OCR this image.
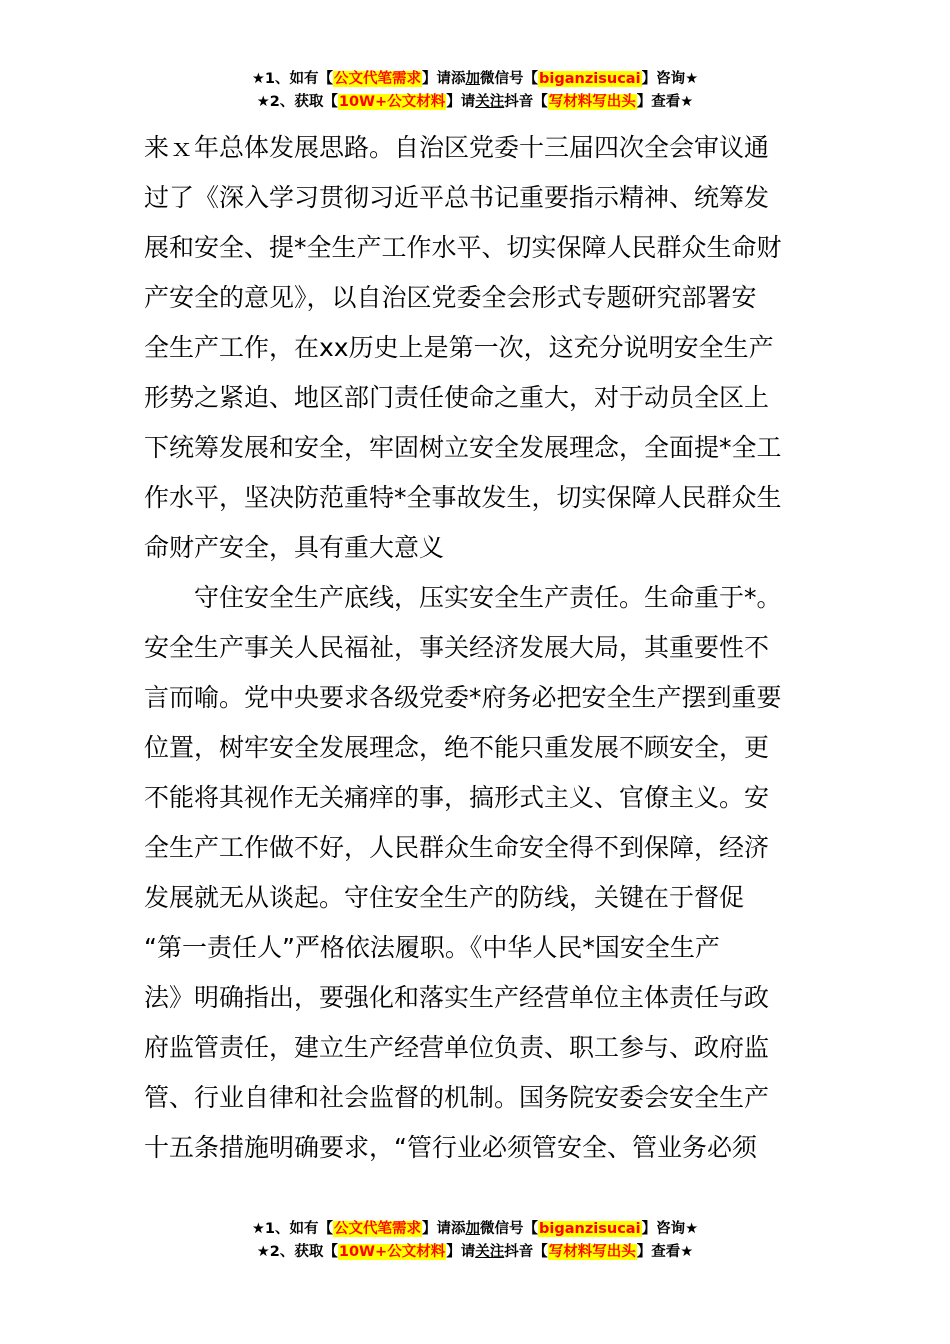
★1、如有【公文代笔需求】请添加微信号【biganzisucai】咨询★
★2、获取【10W+公文材料】请关注抖音【写材料写出头】查看★
来ｘ年总体发展思路。自治区党委十三届四次全会审议通
过了《深入学习贯彻习近平总书记重要指示精神、统筹发
展和安全、提*全生产工作水平、切实保障人民群众生命财
产安全的意见》，以自治区党委全会形式专题研究部署安
全生产工作，在xx历史上是第一次，这充分说明安全生产
形势之紧迫、地区部门责任使命之重大，对于动员全区上
下统筹发展和安全，牢固树立安全发展理念，全面提*全工
作水平，坚决防范重特*全事故发生，切实保障人民群众生
命财产安全，具有重大意义
守住安全生产底线，压实安全生产责任。生命重于*。
安全生产事关人民福祉，事关经济发展大局，其重要性不
言而喻。党中央要求各级党委*府务必把安全生产摆到重要
位置，树牢安全发展理念，绝不能只重发展不顾安全，更
不能将其视作无关痛痒的事，搞形式主义、官僚主义。安
全生产工作做不好，人民群众生命安全得不到保障，经济
发展就无从谈起。守住安全生产的防线，关键在于督促
“第一责任人”严格依法履职。《中华人民*国安全生产
法》明确指出，要强化和落实生产经营单位主体责任与政
府监管责任，建立生产经营单位负责、职工参与、政府监
管、行业自律和社会监督的机制。国务院安委会安全生产
十五条措施明确要求，“管行业必须管安全、管业务必须
★1、如有【公文代笔需求】请添加微信号【biganzisucai】咨询★
★2、获取【10W+公文材料】请关注抖音【写材料写出头】查看★
